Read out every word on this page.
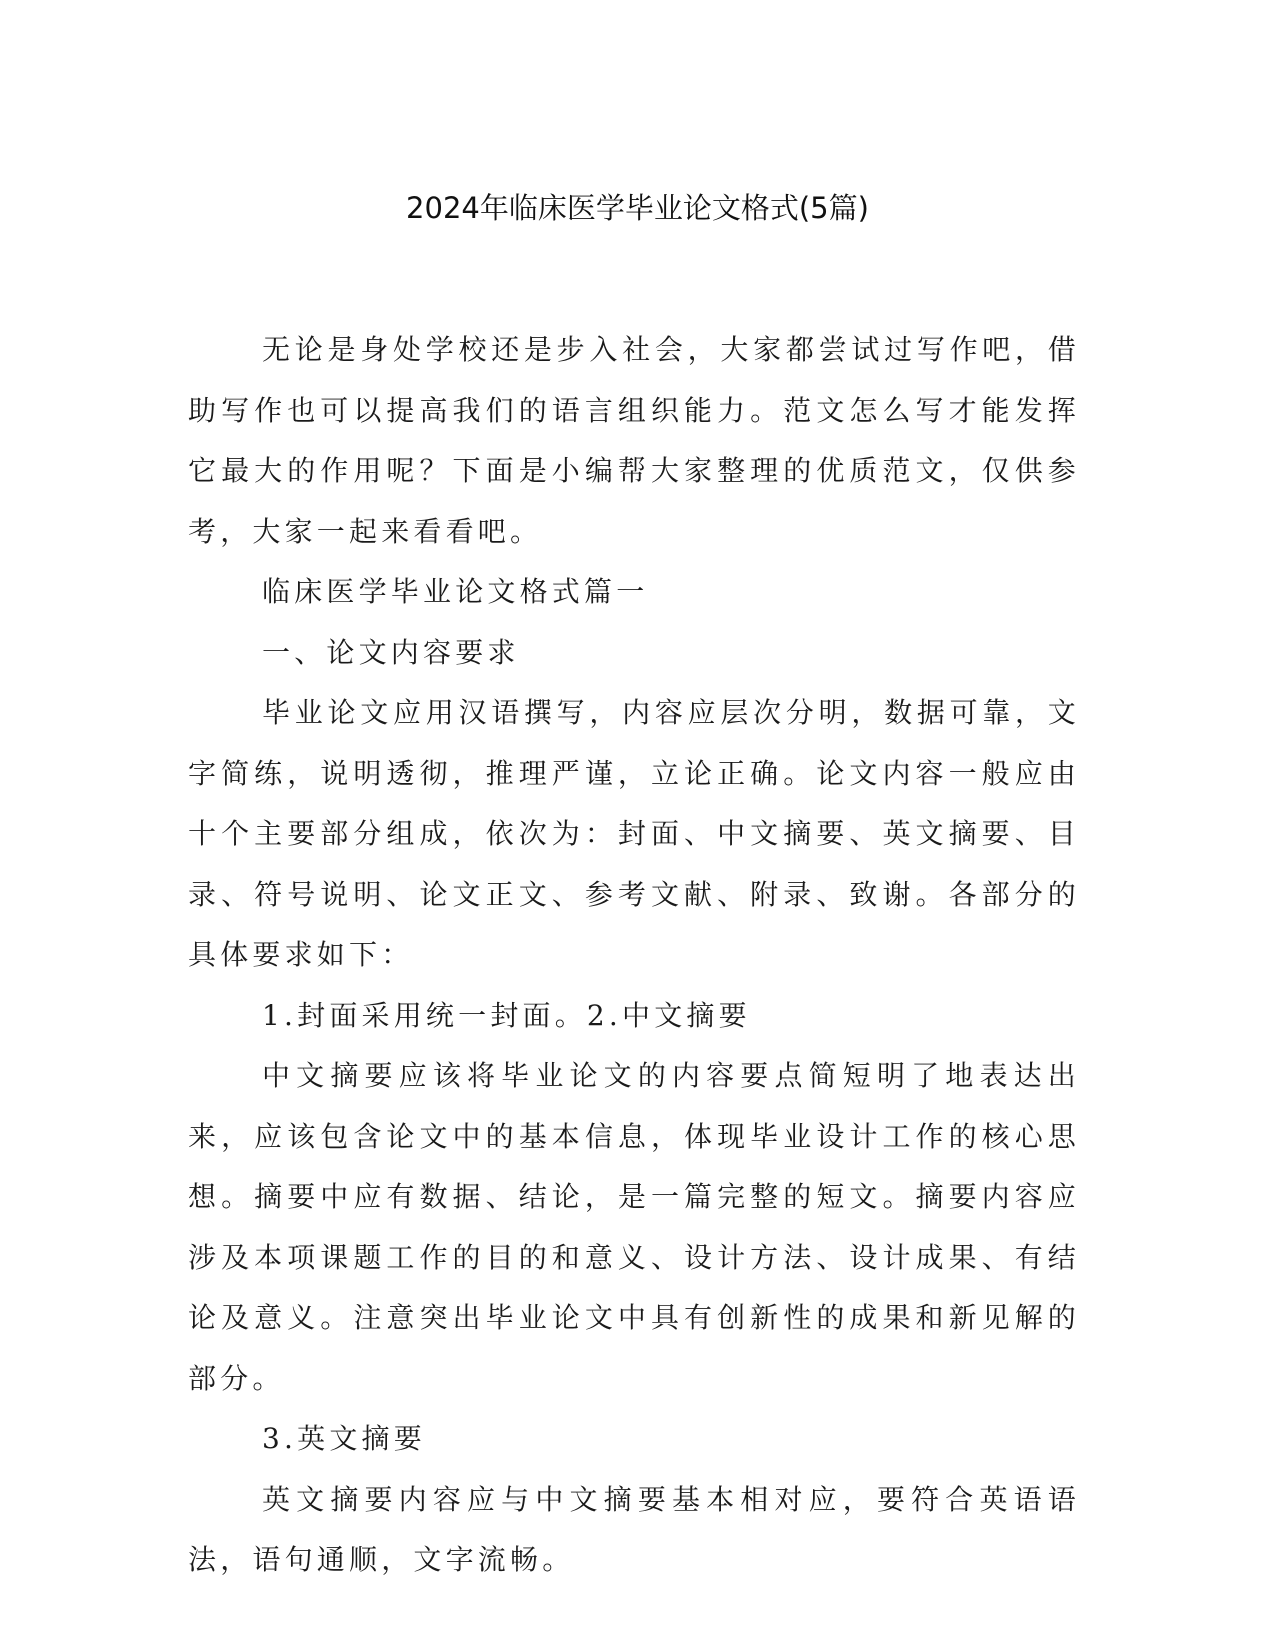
2024年临床医学毕业论文格式(5篇)

无论是身处学校还是步入社会，大家都尝试过写作吧，借助写作也可以提高我们的语言组织能力。范文怎么写才能发挥它最大的作用呢？下面是小编帮大家整理的优质范文，仅供参考，大家一起来看看吧。

临床医学毕业论文格式篇一

一、论文内容要求

毕业论文应用汉语撰写，内容应层次分明，数据可靠，文字简练，说明透彻，推理严谨，立论正确。论文内容一般应由十个主要部分组成，依次为：封面、中文摘要、英文摘要、目录、符号说明、论文正文、参考文献、附录、致谢。各部分的具体要求如下：

1.封面采用统一封面。2.中文摘要

中文摘要应该将毕业论文的内容要点简短明了地表达出来，应该包含论文中的基本信息，体现毕业设计工作的核心思想。摘要中应有数据、结论，是一篇完整的短文。摘要内容应涉及本项课题工作的目的和意义、设计方法、设计成果、有结论及意义。注意突出毕业论文中具有创新性的成果和新见解的部分。

3.英文摘要

英文摘要内容应与中文摘要基本相对应，要符合英语语法，语句通顺，文字流畅。
